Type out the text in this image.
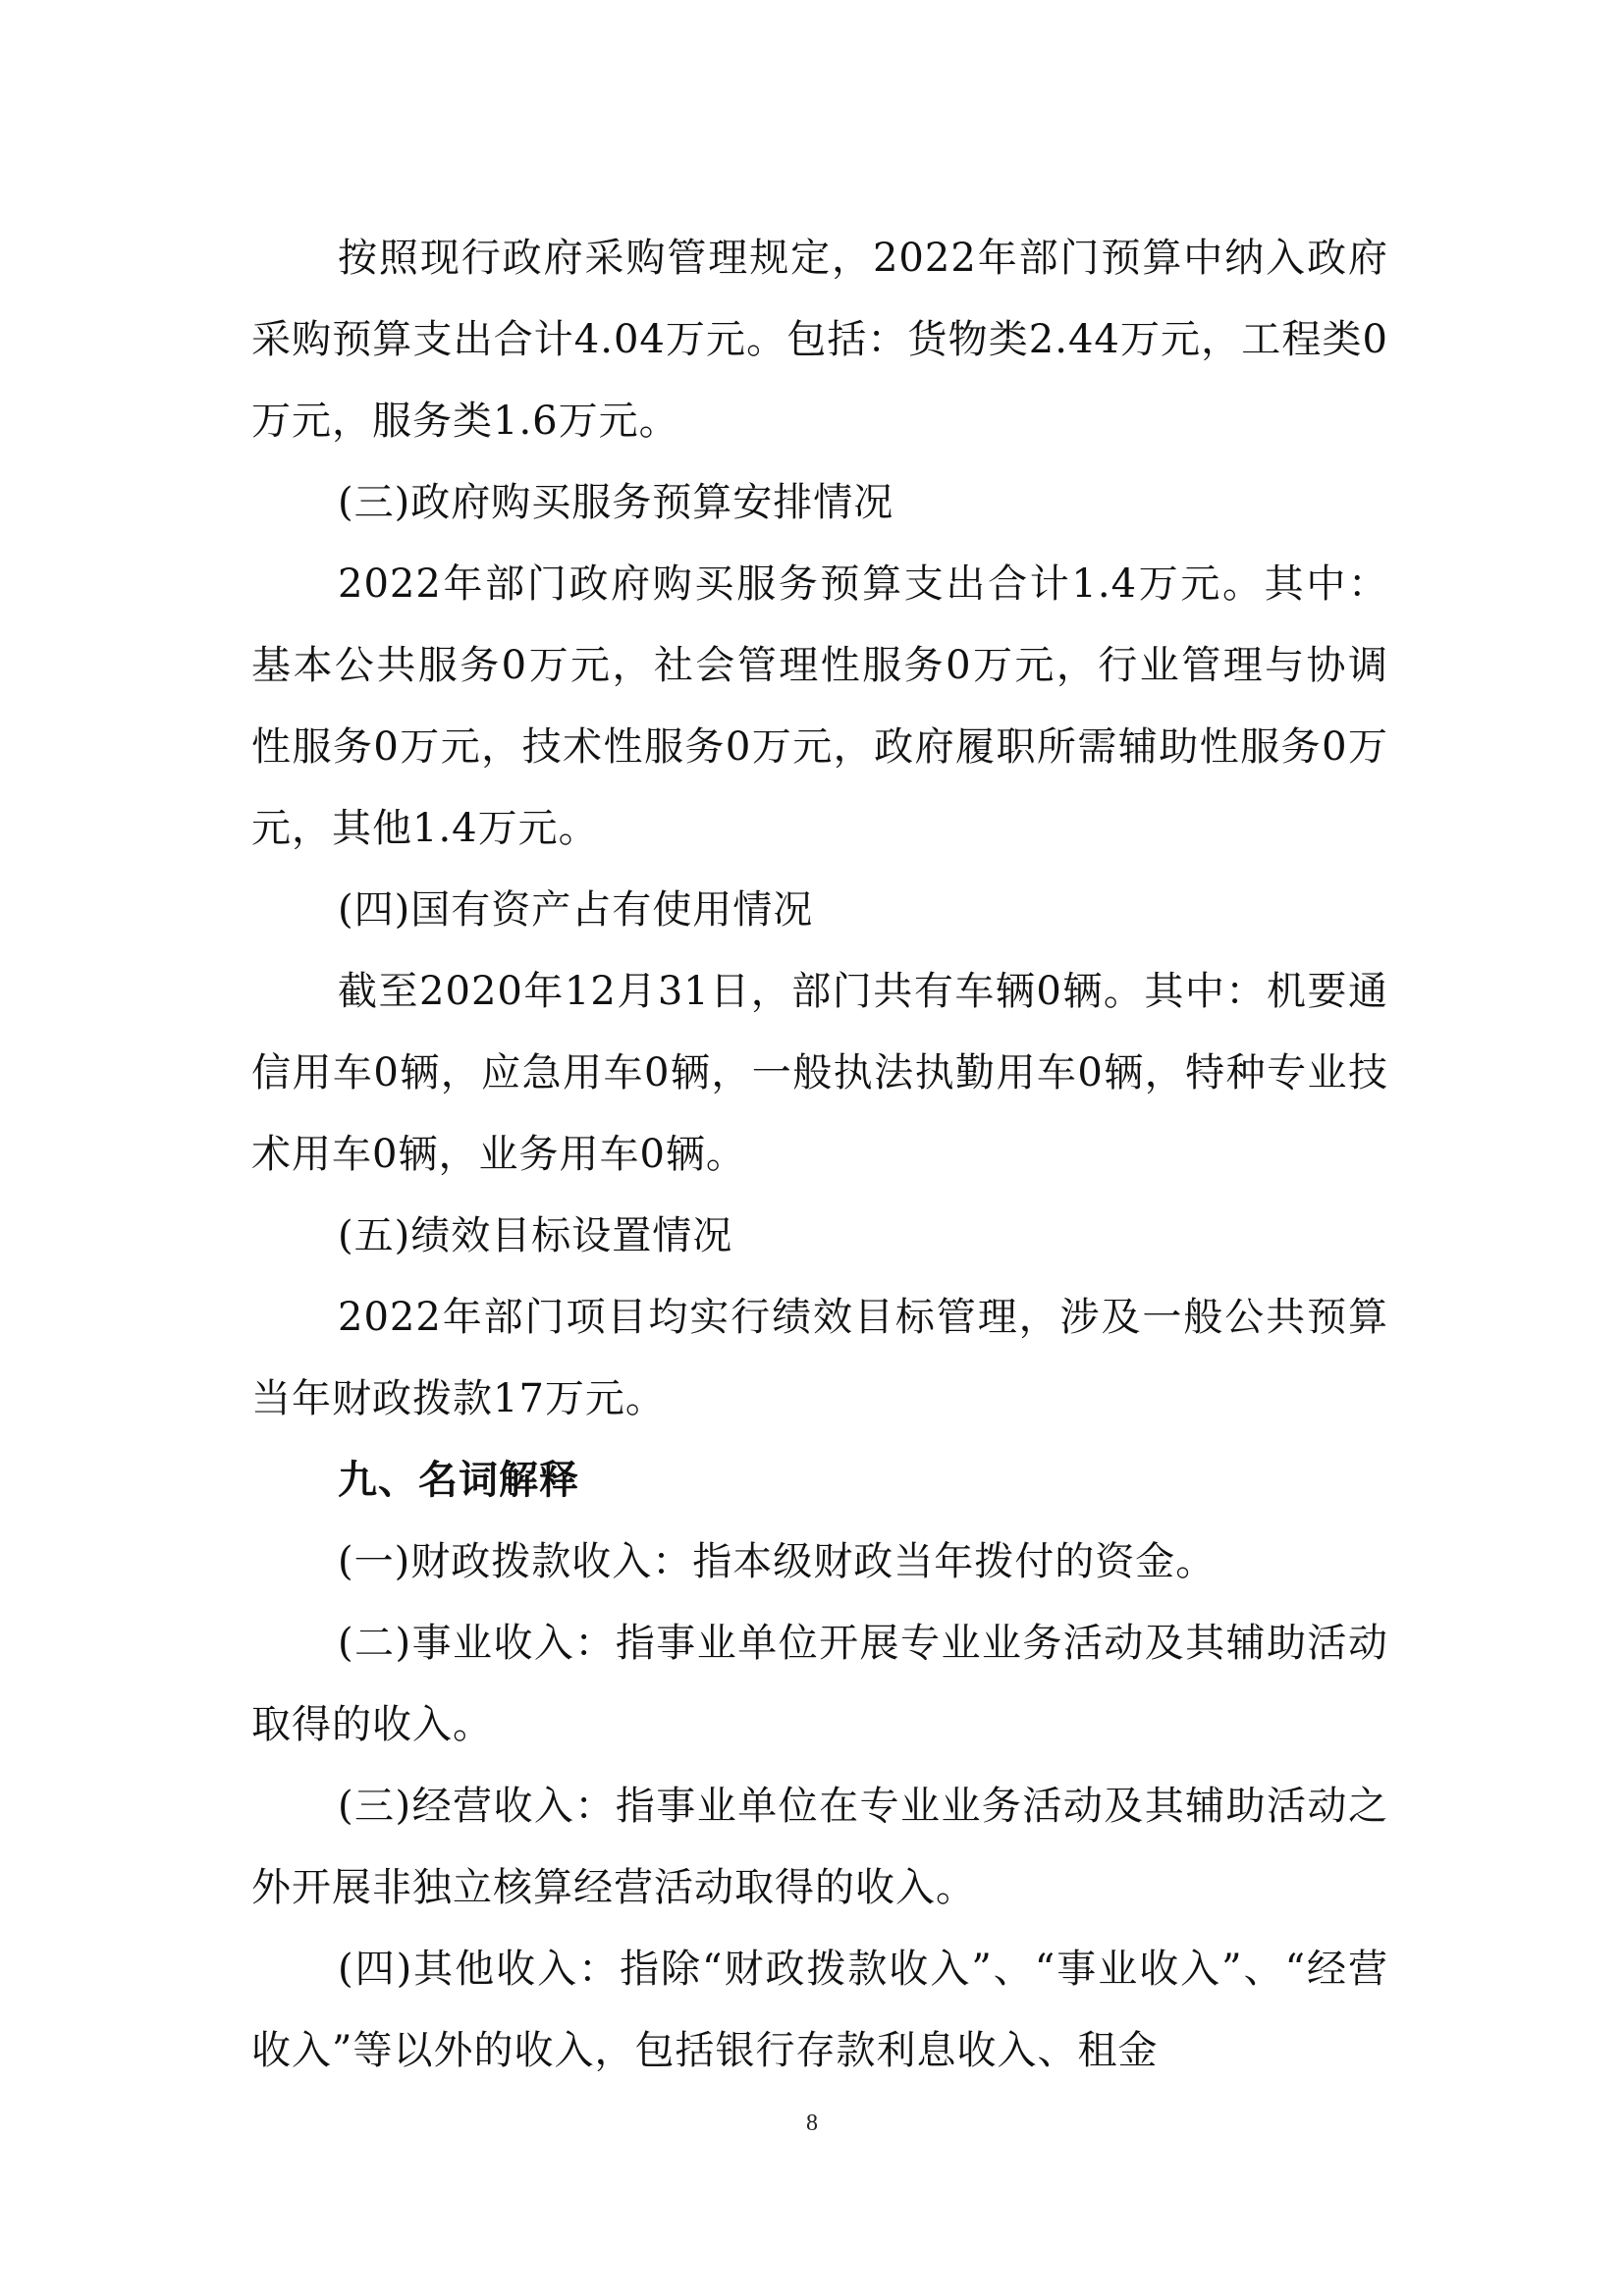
按照现行政府采购管理规定，2022年部门预算中纳入政府采购预算支出合计4.04万元。包括：货物类2.44万元，工程类0万元，服务类1.6万元。

(三)政府购买服务预算安排情况

2022年部门政府购买服务预算支出合计1.4万元。其中：基本公共服务0万元，社会管理性服务0万元，行业管理与协调性服务0万元，技术性服务0万元，政府履职所需辅助性服务0万元，其他1.4万元。

(四)国有资产占有使用情况

截至2020年12月31日，部门共有车辆0辆。其中：机要通信用车0辆，应急用车0辆，一般执法执勤用车0辆，特种专业技术用车0辆，业务用车0辆。

(五)绩效目标设置情况

2022年部门项目均实行绩效目标管理，涉及一般公共预算当年财政拨款17万元。

九、名词解释

(一)财政拨款收入：指本级财政当年拨付的资金。

(二)事业收入：指事业单位开展专业业务活动及其辅助活动取得的收入。

(三)经营收入：指事业单位在专业业务活动及其辅助活动之外开展非独立核算经营活动取得的收入。

(四)其他收入：指除“财政拨款收入”、“事业收入”、“经营收入”等以外的收入，包括银行存款利息收入、租金

8
